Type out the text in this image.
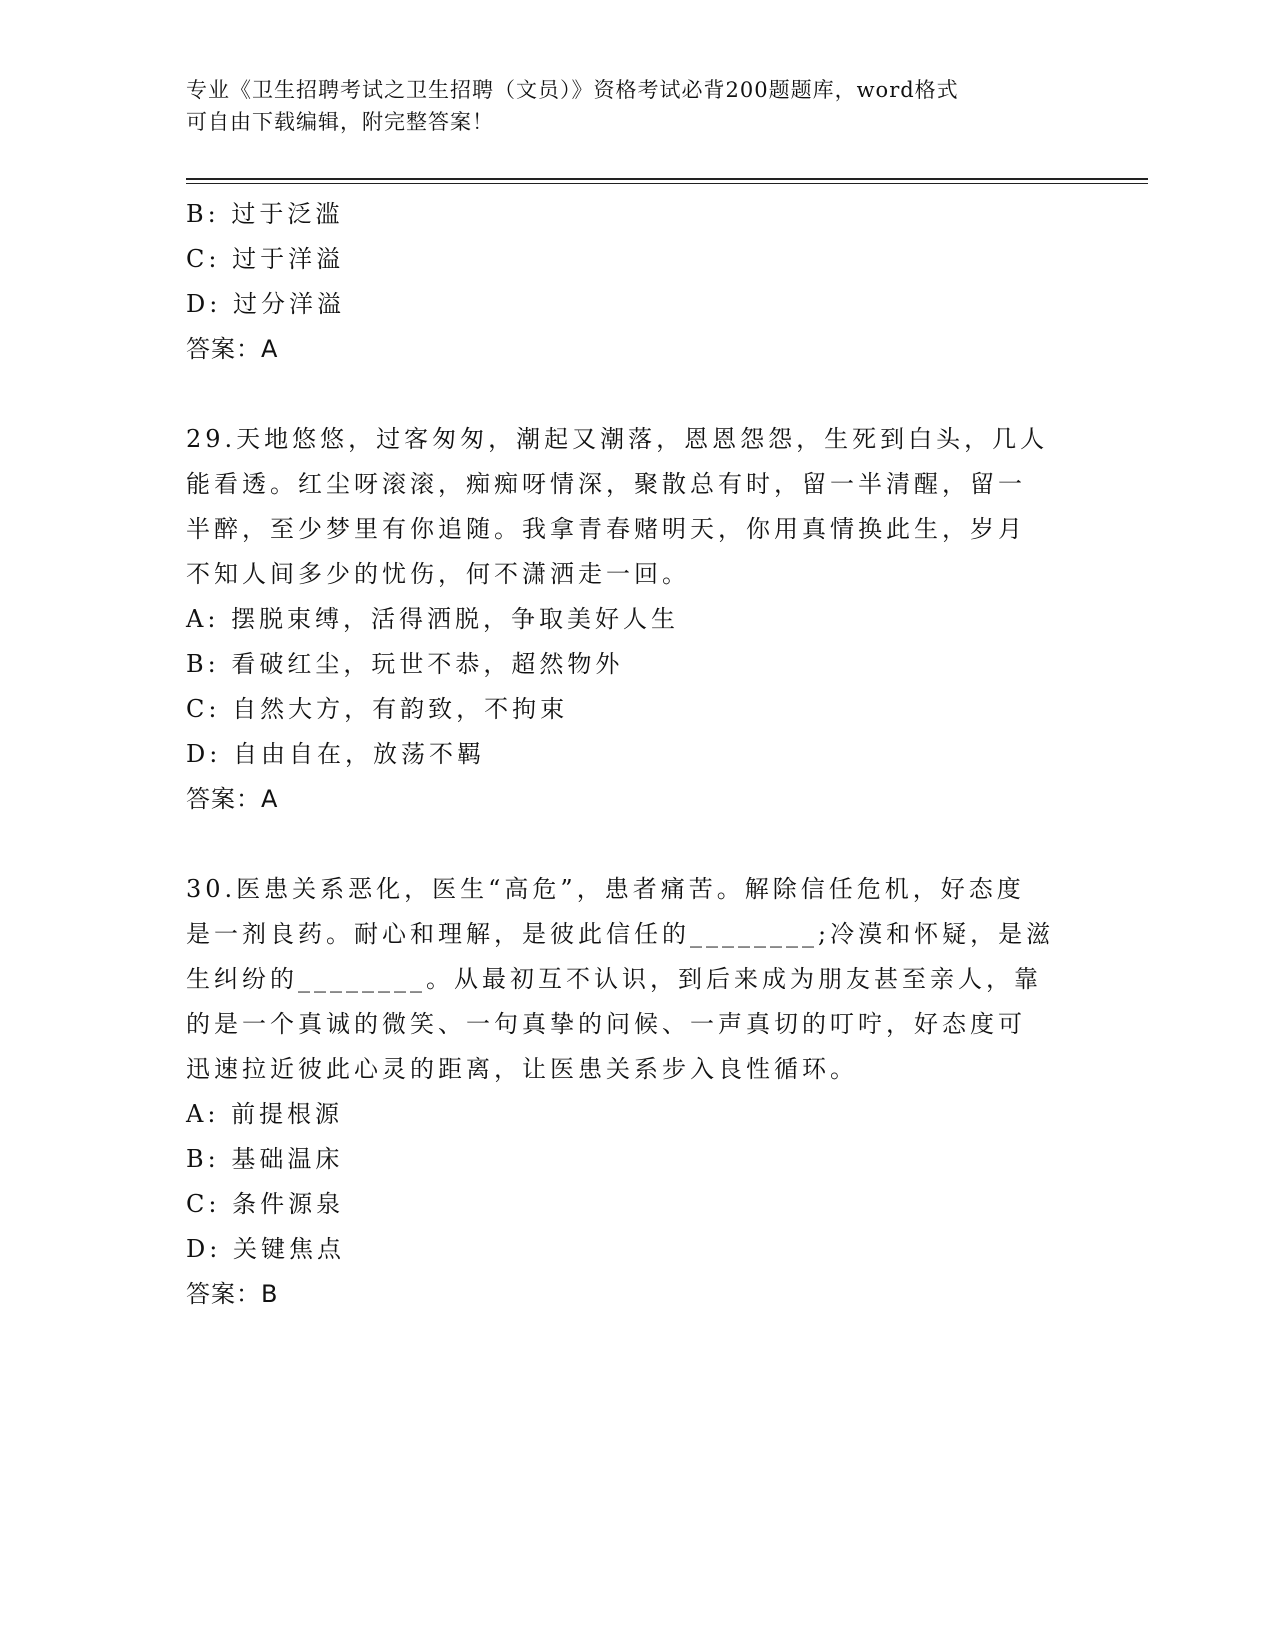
专业《卫生招聘考试之卫生招聘（文员）》资格考试必背200题题库，word格式
可自由下载编辑，附完整答案！
B: 过于泛滥
C: 过于洋溢
D: 过分洋溢
答案：A
29.天地悠悠，过客匆匆，潮起又潮落，恩恩怨怨，生死到白头，几人
能看透。红尘呀滚滚，痴痴呀情深，聚散总有时，留一半清醒，留一
半醉，至少梦里有你追随。我拿青春赌明天，你用真情换此生，岁月
不知人间多少的忧伤，何不潇洒走一回。
A: 摆脱束缚，活得洒脱，争取美好人生
B: 看破红尘，玩世不恭，超然物外
C: 自然大方，有韵致，不拘束
D: 自由自在，放荡不羁
答案：A
30.医患关系恶化，医生“高危”，患者痛苦。解除信任危机，好态度
是一剂良药。耐心和理解，是彼此信任的________;冷漠和怀疑，是滋
生纠纷的________。从最初互不认识，到后来成为朋友甚至亲人，靠
的是一个真诚的微笑、一句真挚的问候、一声真切的叮咛，好态度可
迅速拉近彼此心灵的距离，让医患关系步入良性循环。
A: 前提根源
B: 基础温床
C: 条件源泉
D: 关键焦点
答案：B
